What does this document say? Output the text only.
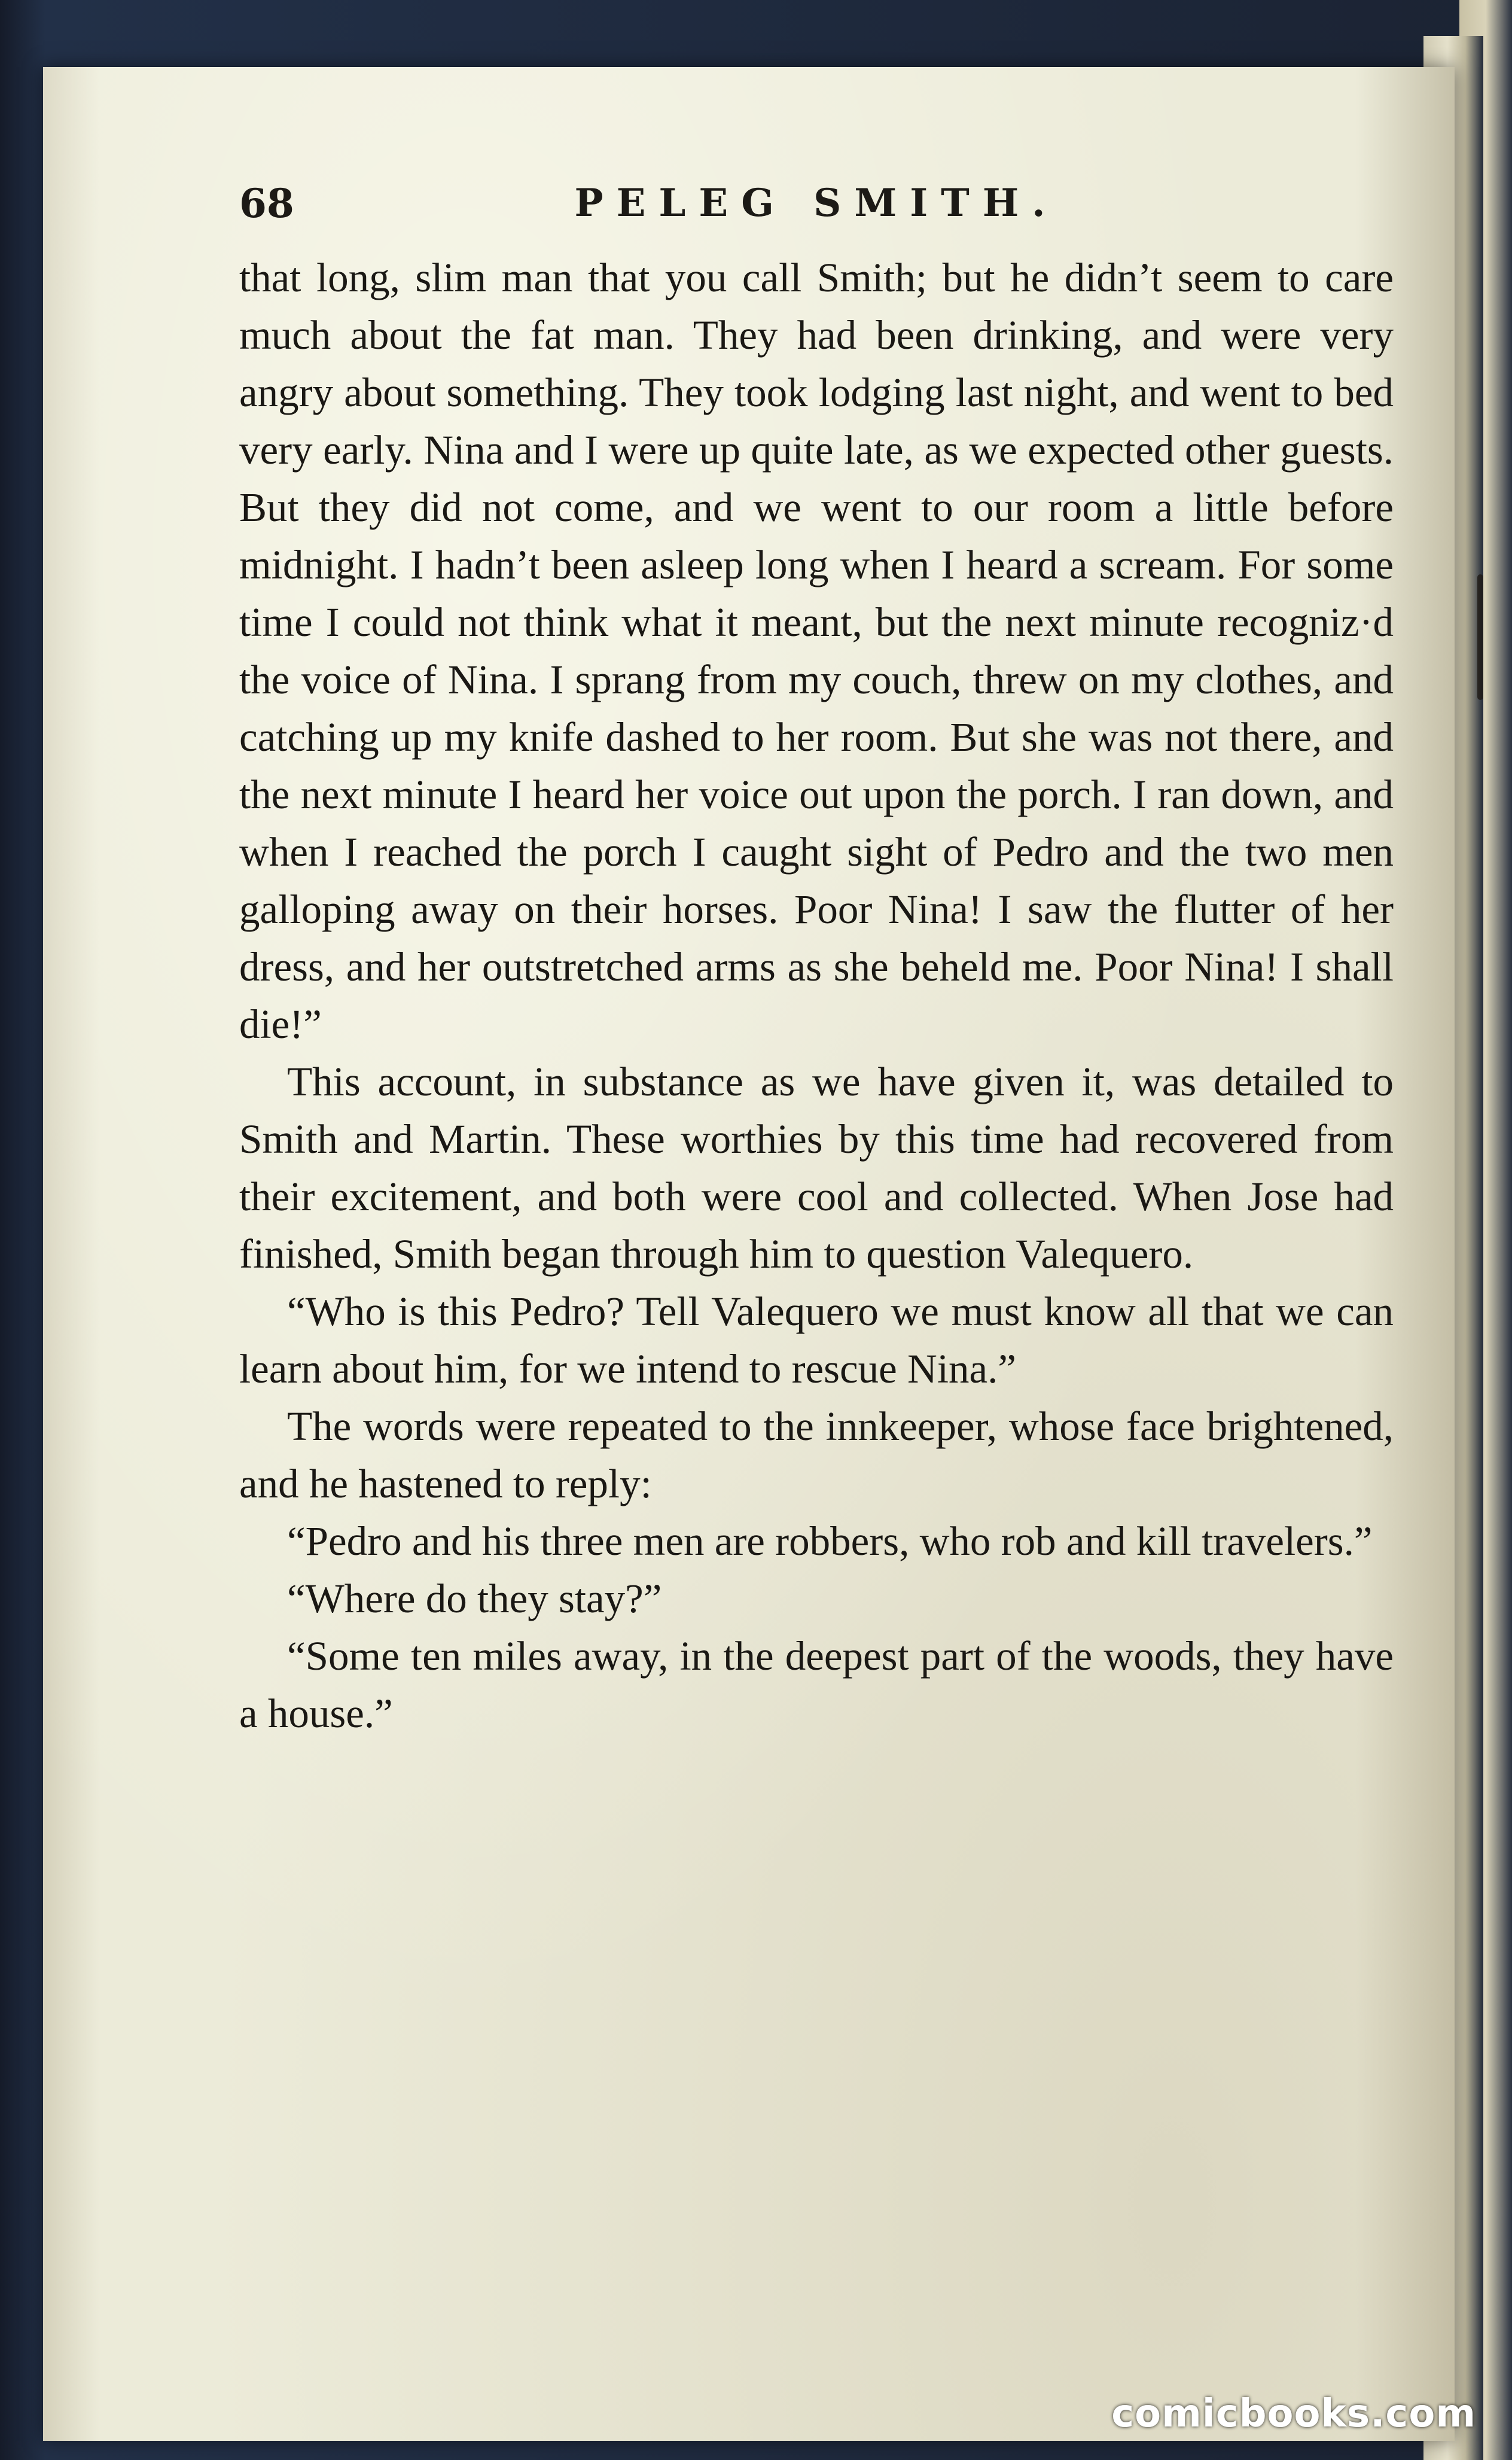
68	PELEG SMITH.

that long, slim man that you call Smith; but he didn’t seem to care much about the fat man. They had been drinking, and were very angry about something. They took lodging last night, and went to bed very early. Nina and I were up quite late, as we expected other guests. But they did not come, and we went to our room a little before midnight. I hadn’t been asleep long when I heard a scream. For some time I could not think what it meant, but the next minute recogniz·d the voice of Nina. I sprang from my couch, threw on my clothes, and catching up my knife dashed to her room. But she was not there, and the next minute I heard her voice out upon the porch. I ran down, and when I reached the porch I caught sight of Pedro and the two men galloping away on their horses. Poor Nina! I saw the flutter of her dress, and her outstretched arms as she beheld me. Poor Nina! I shall die!”

This account, in substance as we have given it, was detailed to Smith and Martin. These worthies by this time had recovered from their excitement, and both were cool and collected. When Jose had finished, Smith began through him to question Valequero.

“Who is this Pedro? Tell Valequero we must know all that we can learn about him, for we intend to rescue Nina.”

The words were repeated to the innkeeper, whose face brightened, and he hastened to reply:

“Pedro and his three men are robbers, who rob and kill travelers.”

“Where do they stay?”

“Some ten miles away, in the deepest part of the woods, they have a house.”

comicbooks.com
